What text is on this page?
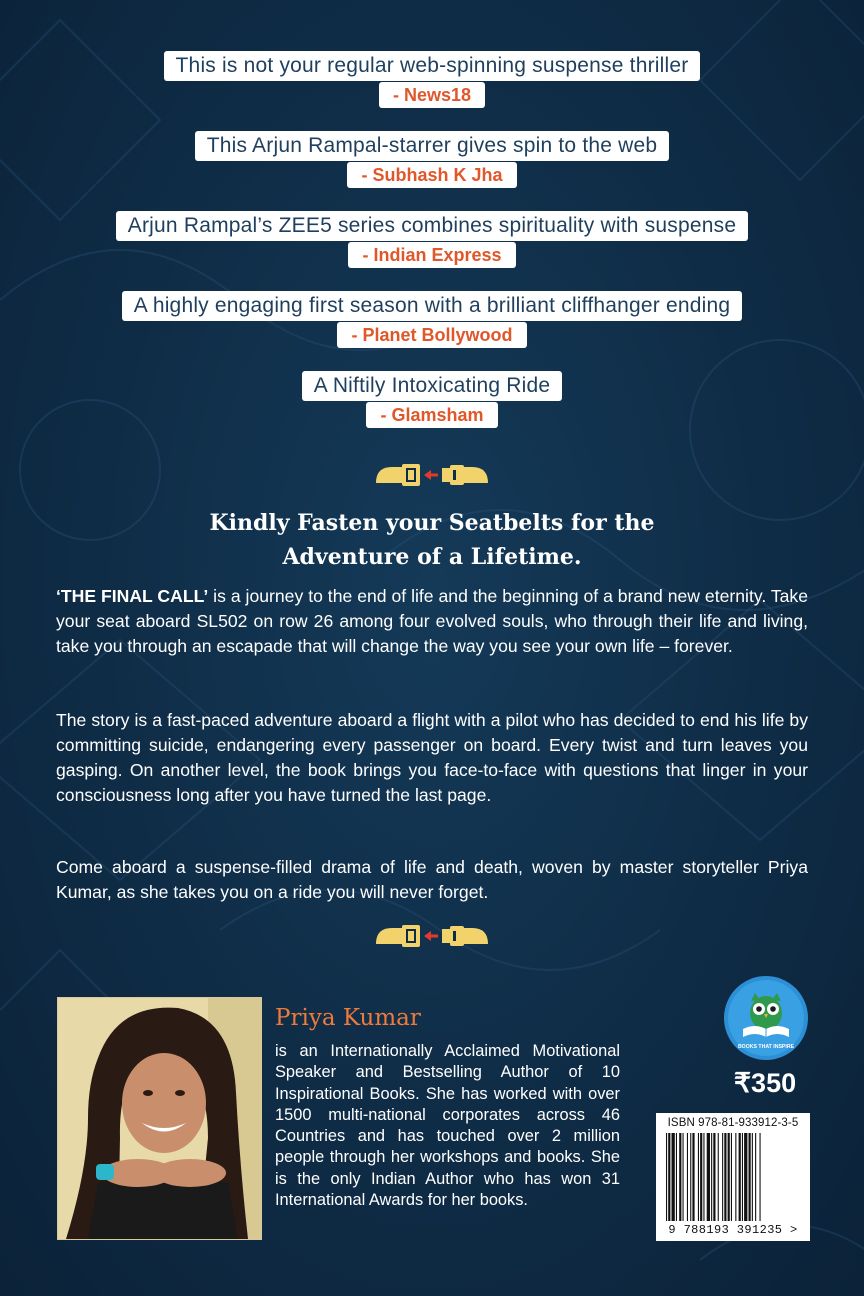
This is not your regular web-spinning suspense thriller
- News18
This Arjun Rampal-starrer gives spin to the web
- Subhash K Jha
Arjun Rampal’s ZEE5 series combines spirituality with suspense
- Indian Express
A highly engaging first season with a brilliant cliffhanger ending
- Planet Bollywood
A Niftily Intoxicating Ride
- Glamsham
Kindly Fasten your Seatbelts for the
Adventure of a Lifetime.
‘THE FINAL CALL’ is a journey to the end of life and the beginning of a brand new eternity. Take your seat aboard SL502 on row 26 among four evolved souls, who through their life and living, take you through an escapade that will change the way you see your own life – forever.
The story is a fast-paced adventure aboard a flight with a pilot who has decided to end his life by committing suicide, endangering every passenger on board. Every twist and turn leaves you gasping. On another level, the book brings you face-to-face with questions that linger in your consciousness long after you have turned the last page.
Come aboard a suspense-filled drama of life and death, woven by master storyteller Priya Kumar, as she takes you on a ride you will never forget.
Priya Kumar
is an Internationally Acclaimed Motivational Speaker and Bestselling Author of 10 Inspirational Books. She has worked with over 1500 multi-national corporates across 46 Countries and has touched over 2 million people through her workshops and books. She is the only Indian Author who has won 31 International Awards for her books.
BOOKS THAT INSPIRE
₹350
ISBN 978-81-933912-3-5
9 788193 391235 >
